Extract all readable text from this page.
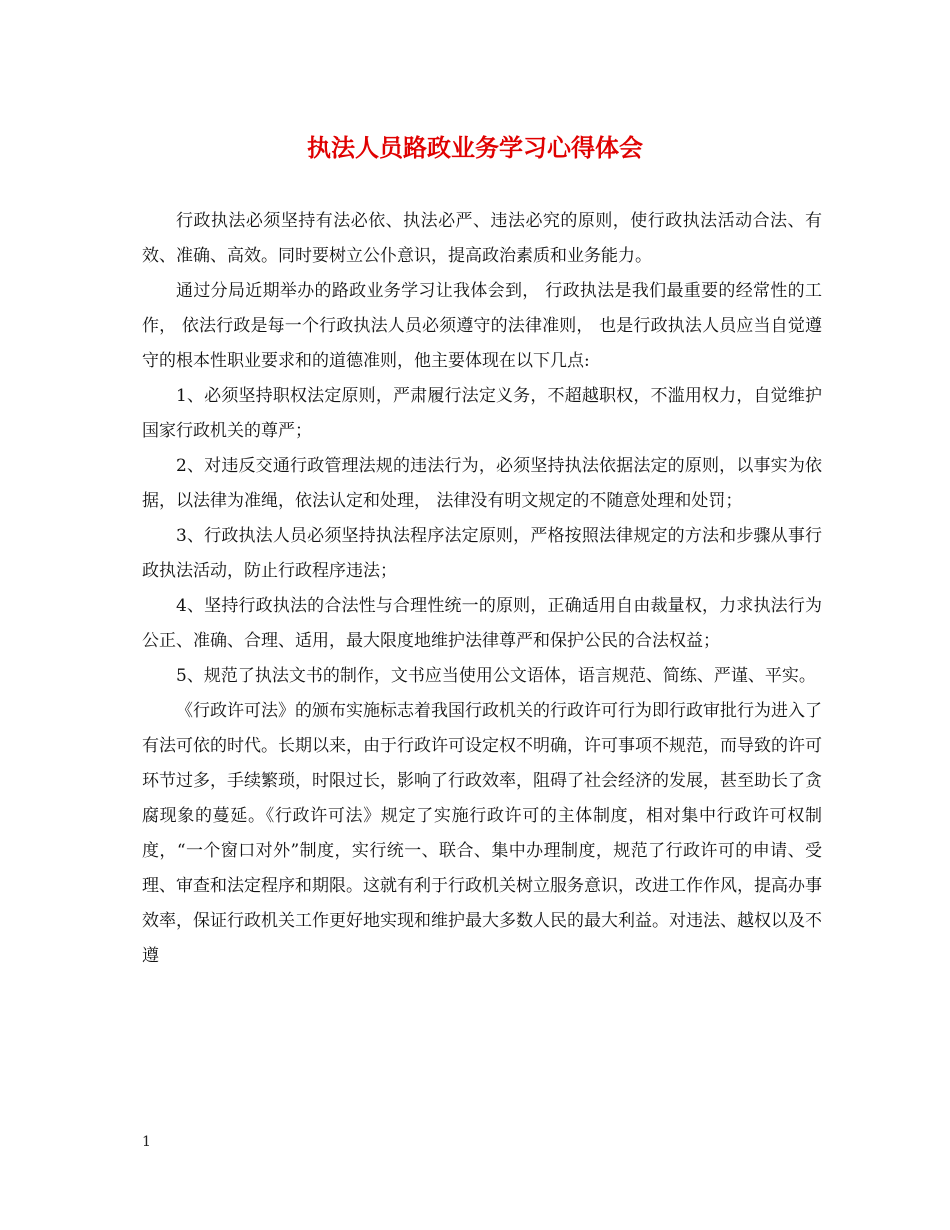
执法人员路政业务学习心得体会

行政执法必须坚持有法必依、执法必严、违法必究的原则，使行政执法活动合法、有效、准确、高效。同时要树立公仆意识，提高政治素质和业务能力。

通过分局近期举办的路政业务学习让我体会到， 行政执法是我们最重要的经常性的工作， 依法行政是每一个行政执法人员必须遵守的法律准则， 也是行政执法人员应当自觉遵守的根本性职业要求和的道德准则，他主要体现在以下几点:

1、必须坚持职权法定原则，严肃履行法定义务，不超越职权，不滥用权力，自觉维护国家行政机关的尊严；

2、对违反交通行政管理法规的违法行为，必须坚持执法依据法定的原则，以事实为依据，以法律为准绳，依法认定和处理， 法律没有明文规定的不随意处理和处罚；

3、行政执法人员必须坚持执法程序法定原则，严格按照法律规定的方法和步骤从事行政执法活动，防止行政程序违法；

4、坚持行政执法的合法性与合理性统一的原则，正确适用自由裁量权，力求执法行为公正、准确、合理、适用，最大限度地维护法律尊严和保护公民的合法权益；

5、规范了执法文书的制作，文书应当使用公文语体，语言规范、简练、严谨、平实。

《行政许可法》的颁布实施标志着我国行政机关的行政许可行为即行政审批行为进入了有法可依的时代。长期以来，由于行政许可设定权不明确，许可事项不规范，而导致的许可环节过多，手续繁琐，时限过长，影响了行政效率，阻碍了社会经济的发展，甚至助长了贪腐现象的蔓延。《行政许可法》规定了实施行政许可的主体制度，相对集中行政许可权制度，“一个窗口对外”制度，实行统一、联合、集中办理制度，规范了行政许可的申请、受理、审查和法定程序和期限。这就有利于行政机关树立服务意识，改进工作作风，提高办事效率，保证行政机关工作更好地实现和维护最大多数人民的最大利益。对违法、越权以及不遵

1
